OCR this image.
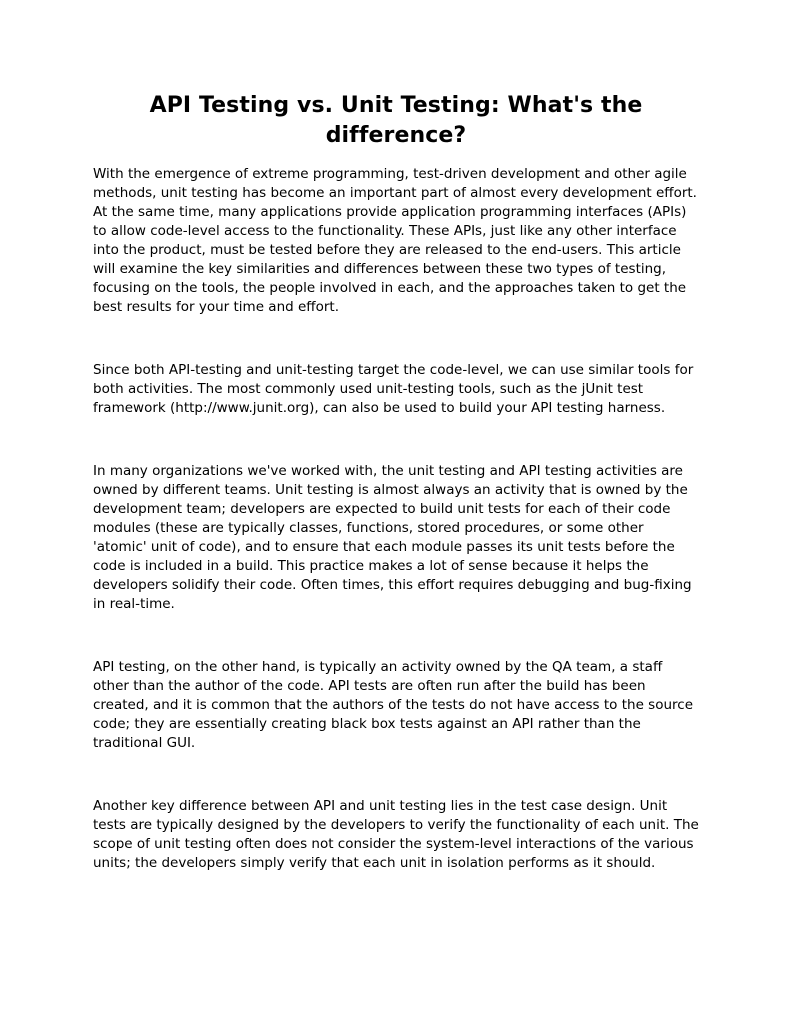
API Testing vs. Unit Testing: What's the difference?

With the emergence of extreme programming, test-driven development and other agile methods, unit testing has become an important part of almost every development effort. At the same time, many applications provide application programming interfaces (APIs) to allow code-level access to the functionality. These APIs, just like any other interface into the product, must be tested before they are released to the end-users. This article will examine the key similarities and differences between these two types of testing, focusing on the tools, the people involved in each, and the approaches taken to get the best results for your time and effort.

Since both API-testing and unit-testing target the code-level, we can use similar tools for both activities. The most commonly used unit-testing tools, such as the jUnit test framework (http://www.junit.org), can also be used to build your API testing harness.

In many organizations we've worked with, the unit testing and API testing activities are owned by different teams. Unit testing is almost always an activity that is owned by the development team; developers are expected to build unit tests for each of their code modules (these are typically classes, functions, stored procedures, or some other 'atomic' unit of code), and to ensure that each module passes its unit tests before the code is included in a build. This practice makes a lot of sense because it helps the developers solidify their code. Often times, this effort requires debugging and bug-fixing in real-time.

API testing, on the other hand, is typically an activity owned by the QA team, a staff other than the author of the code. API tests are often run after the build has been created, and it is common that the authors of the tests do not have access to the source code; they are essentially creating black box tests against an API rather than the traditional GUI.

Another key difference between API and unit testing lies in the test case design. Unit tests are typically designed by the developers to verify the functionality of each unit. The scope of unit testing often does not consider the system-level interactions of the various units; the developers simply verify that each unit in isolation performs as it should.
